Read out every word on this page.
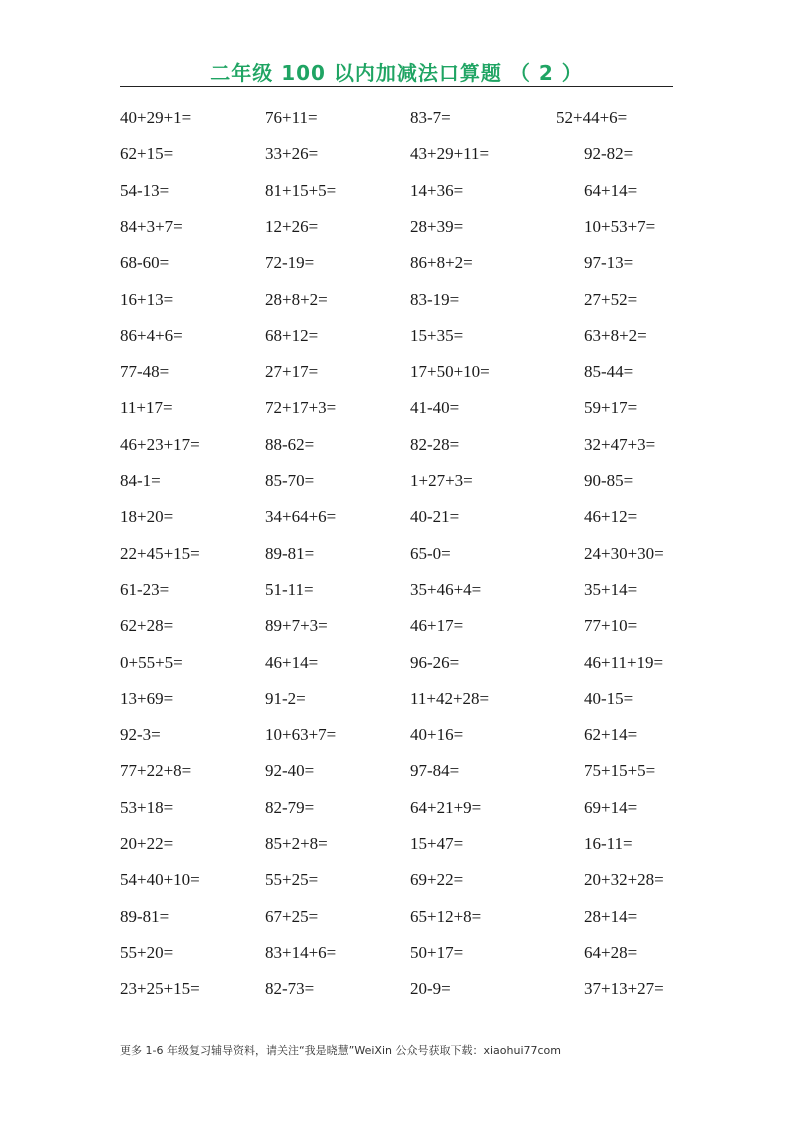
二年级 100 以内加减法口算题 （ 2 ）
40+29+1=	76+11=	83-7=	52+44+6=
62+15=	33+26=	43+29+11=	92-82=
54-13=	81+15+5=	14+36=	64+14=
84+3+7=	12+26=	28+39=	10+53+7=
68-60=	72-19=	86+8+2=	97-13=
16+13=	28+8+2=	83-19=	27+52=
86+4+6=	68+12=	15+35=	63+8+2=
77-48=	27+17=	17+50+10=	85-44=
11+17=	72+17+3=	41-40=	59+17=
46+23+17=	88-62=	82-28=	32+47+3=
84-1=	85-70=	1+27+3=	90-85=
18+20=	34+64+6=	40-21=	46+12=
22+45+15=	89-81=	65-0=	24+30+30=
61-23=	51-11=	35+46+4=	35+14=
62+28=	89+7+3=	46+17=	77+10=
0+55+5=	46+14=	96-26=	46+11+19=
13+69=	91-2=	11+42+28=	40-15=
92-3=	10+63+7=	40+16=	62+14=
77+22+8=	92-40=	97-84=	75+15+5=
53+18=	82-79=	64+21+9=	69+14=
20+22=	85+2+8=	15+47=	16-11=
54+40+10=	55+25=	69+22=	20+32+28=
89-81=	67+25=	65+12+8=	28+14=
55+20=	83+14+6=	50+17=	64+28=
23+25+15=	82-73=	20-9=	37+13+27=
更多 1-6 年级复习辅导资料，请关注“我是晓慧”WeiXin 公众号获取下载：xiaohui77com
